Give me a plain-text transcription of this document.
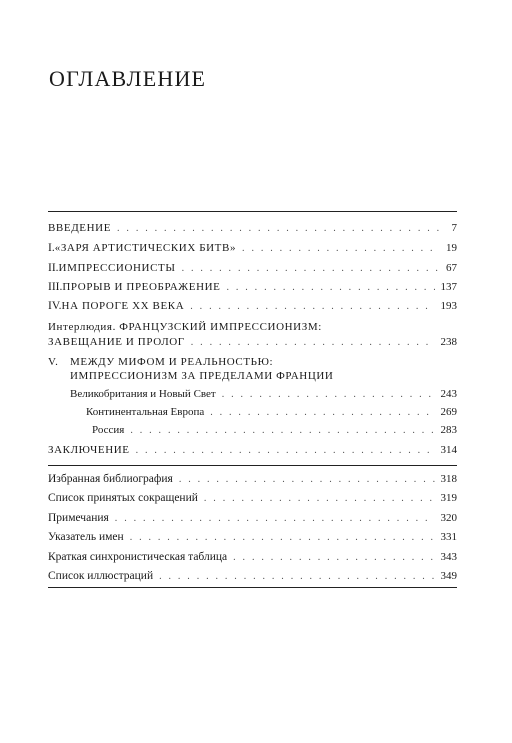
ОГЛАВЛЕНИЕ
ВВЕДЕНИЕ . . .	7
I. «ЗАРЯ АРТИСТИЧЕСКИХ БИТВ» . . .	19
II. ИМПРЕССИОНИСТЫ . . .	67
III. ПРОРЫВ И ПРЕОБРАЖЕНИЕ . . .	137
IV. НА ПОРОГЕ XX ВЕКА . . .	193
Интерлюдия. ФРАНЦУЗСКИЙ ИМПРЕССИОНИЗМ:
ЗАВЕЩАНИЕ И ПРОЛОГ . . .	238
V. МЕЖДУ МИФОМ И РЕАЛЬНОСТЬЮ:
ИМПРЕССИОНИЗМ ЗА ПРЕДЕЛАМИ ФРАНЦИИ
Великобритания и Новый Свет . . .	243
Континентальная Европа . . .	269
Россия . . .	283
ЗАКЛЮЧЕНИЕ . . .	314
Избранная библиография . . .	318
Список принятых сокращений . . .	319
Примечания . . .	320
Указатель имен . . .	331
Краткая синхронистическая таблица . . .	343
Список иллюстраций . . .	349
